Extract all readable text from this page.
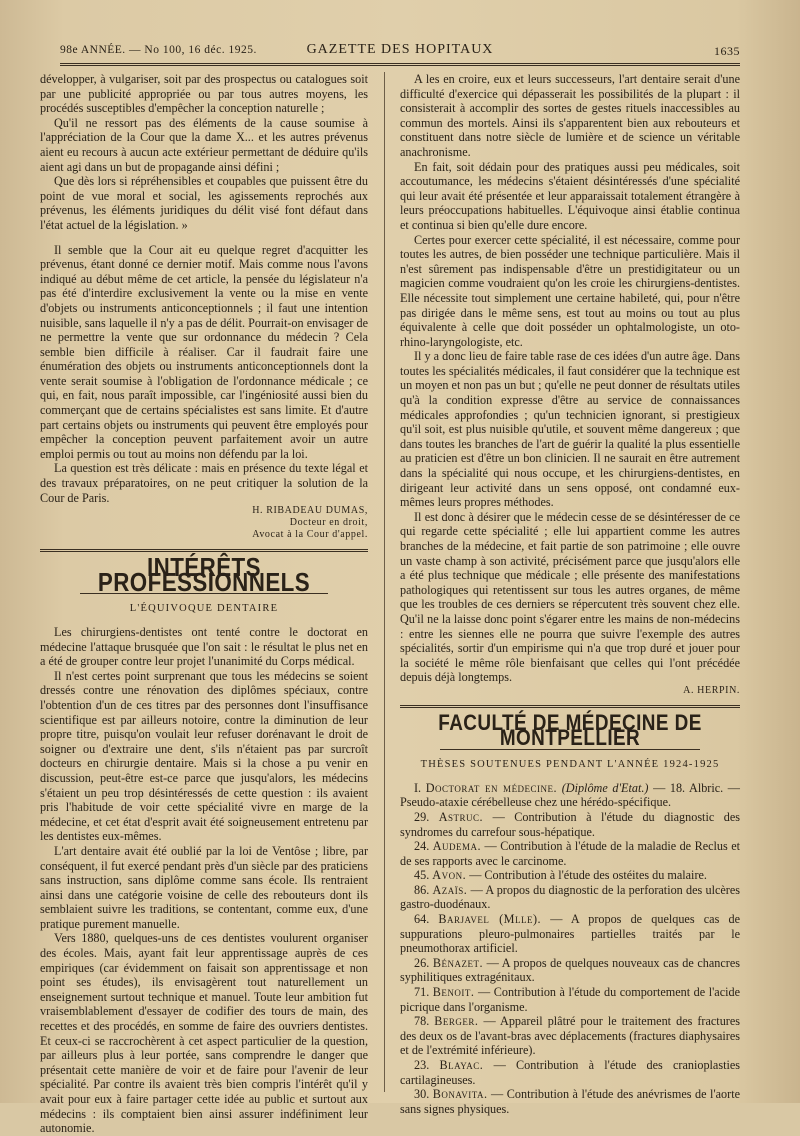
98e ANNÉE. — No 100, 16 déc. 1925.	GAZETTE DES HOPITAUX	1635

développer, à vulgariser, soit par des prospectus ou catalogues soit par une publicité appropriée ou par tous autres moyens, les procédés susceptibles d'empêcher la conception naturelle ;

Qu'il ne ressort pas des éléments de la cause soumise à l'appréciation de la Cour que la dame X... et les autres prévenus aient eu recours à aucun acte extérieur permettant de déduire qu'ils aient agi dans un but de propagande ainsi défini ;

Que dès lors si répréhensibles et coupables que puissent être du point de vue moral et social, les agissements reprochés aux prévenus, les éléments juridiques du délit visé font défaut dans l'état actuel de la législation. »

Il semble que la Cour ait eu quelque regret d'acquitter les prévenus, étant donné ce dernier motif. Mais comme nous l'avons indiqué au début même de cet article, la pensée du législateur n'a pas été d'interdire exclusivement la vente ou la mise en vente d'objets ou instruments anticonceptionnels ; il faut une intention nuisible, sans laquelle il n'y a pas de délit. Pourrait-on envisager de ne permettre la vente que sur ordonnance du médecin ? Cela semble bien difficile à réaliser. Car il faudrait faire une énumération des objets ou instruments anticonceptionnels dont la vente serait soumise à l'obligation de l'ordonnance médicale ; ce qui, en fait, nous paraît impossible, car l'ingéniosité aussi bien du commerçant que de certains spécialistes est sans limite. Et d'autre part certains objets ou instruments qui peuvent être employés pour empêcher la conception peuvent parfaitement avoir un autre emploi permis ou tout au moins non défendu par la loi.

La question est très délicate : mais en présence du texte légal et des travaux préparatoires, on ne peut critiquer la solution de la Cour de Paris.

H. RIBADEAU DUMAS,
Docteur en droit,
Avocat à la Cour d'appel.
INTÉRÊTS PROFESSIONNELS
L'ÉQUIVOQUE DENTAIRE

Les chirurgiens-dentistes ont tenté contre le doctorat en médecine l'attaque brusquée que l'on sait : le résultat le plus net en a été de grouper contre leur projet l'unanimité du Corps médical.

Il n'est certes point surprenant que tous les médecins se soient dressés contre une rénovation des diplômes spéciaux, contre l'obtention d'un de ces titres par des personnes dont l'insuffisance scientifique est par ailleurs notoire, contre la diminution de leur propre titre, puisqu'on voulait leur refuser dorénavant le droit de soigner ou d'extraire une dent, s'ils n'étaient pas par surcroît docteurs en chirurgie dentaire. Mais si la chose a pu venir en discussion, peut-être est-ce parce que jusqu'alors, les médecins s'étaient un peu trop désintéressés de cette question : ils avaient pris l'habitude de voir cette spécialité vivre en marge de la médecine, et cet état d'esprit avait été soigneusement entretenu par les dentistes eux-mêmes.

L'art dentaire avait été oublié par la loi de Ventôse ; libre, par conséquent, il fut exercé pendant près d'un siècle par des praticiens sans instruction, sans diplôme comme sans école. Ils rentraient ainsi dans une catégorie voisine de celle des rebouteurs dont ils semblaient suivre les traditions, se contentant, comme eux, d'une pratique purement manuelle.

Vers 1880, quelques-uns de ces dentistes voulurent organiser des écoles. Mais, ayant fait leur apprentissage auprès de ces empiriques (car évidemment on faisait son apprentissage et non point ses études), ils envisagèrent tout naturellement un enseignement surtout technique et manuel. Toute leur ambition fut vraisemblablement d'essayer de codifier des tours de main, des recettes et des procédés, en somme de faire des ouvriers dentistes. Et ceux-ci se raccrochèrent à cet aspect particulier de la question, par ailleurs plus à leur portée, sans comprendre le danger que présentait cette manière de voir et de faire pour l'avenir de leur spécialité. Par contre ils avaient très bien compris l'intérêt qu'il y avait pour eux à faire partager cette idée au public et surtout aux médecins : ils comptaient bien ainsi assurer indéfiniment leur autonomie.

A les en croire, eux et leurs successeurs, l'art dentaire serait d'une difficulté d'exercice qui dépasserait les possibilités de la plupart : il consisterait à accomplir des sortes de gestes rituels inaccessibles au commun des mortels. Ainsi ils s'apparentent bien aux rebouteurs et constituent dans notre siècle de lumière et de science un véritable anachronisme.

En fait, soit dédain pour des pratiques aussi peu médicales, soit accoutumance, les médecins s'étaient désintéressés d'une spécialité qui leur avait été présentée et leur apparaissait totalement étrangère à leurs préoccupations habituelles. L'équivoque ainsi établie continua et continua si bien qu'elle dure encore.

Certes pour exercer cette spécialité, il est nécessaire, comme pour toutes les autres, de bien posséder une technique particulière. Mais il n'est sûrement pas indispensable d'être un prestidigitateur ou un magicien comme voudraient qu'on les croie les chirurgiens-dentistes. Elle nécessite tout simplement une certaine habileté, qui, pour n'être pas dirigée dans le même sens, est tout au moins ou tout au plus équivalente à celle que doit posséder un ophtalmologiste, un oto-rhino-laryngologiste, etc.

Il y a donc lieu de faire table rase de ces idées d'un autre âge. Dans toutes les spécialités médicales, il faut considérer que la technique est un moyen et non pas un but ; qu'elle ne peut donner de résultats utiles qu'à la condition expresse d'être au service de connaissances médicales approfondies ; qu'un technicien ignorant, si prestigieux qu'il soit, est plus nuisible qu'utile, et souvent même dangereux ; que dans toutes les branches de l'art de guérir la qualité la plus essentielle au praticien est d'être un bon clinicien. Il ne saurait en être autrement dans la spécialité qui nous occupe, et les chirurgiens-dentistes, en dirigeant leur activité dans un sens opposé, ont condamné eux-mêmes leurs propres méthodes.

Il est donc à désirer que le médecin cesse de se désintéresser de ce qui regarde cette spécialité ; elle lui appartient comme les autres branches de la médecine, et fait partie de son patrimoine ; elle ouvre un vaste champ à son activité, précisément parce que jusqu'alors elle a été plus technique que médicale ; elle présente des manifestations pathologiques qui retentissent sur tous les autres organes, de même que les troubles de ces derniers se répercutent très souvent chez elle. Qu'il ne la laisse donc point s'égarer entre les mains de non-médecins : entre les siennes elle ne pourra que suivre l'exemple des autres spécialités, sortir d'un empirisme qui n'a que trop duré et jouer pour la société le même rôle bienfaisant que celles qui l'ont précédée depuis déjà longtemps.

A. HERPIN.
FACULTÉ DE MÉDECINE DE MONTPELLIER
THÈSES SOUTENUES PENDANT L'ANNÉE 1924-1925

I. Doctorat en médecine. (Diplôme d'Etat.) — 18. Albric. — Pseudo-ataxie cérébelleuse chez une hérédo-spécifique.

29. Astruc. — Contribution à l'étude du diagnostic des syndromes du carrefour sous-hépatique.

24. Audema. — Contribution à l'étude de la maladie de Reclus et de ses rapports avec le carcinome.

45. Avon. — Contribution à l'étude des ostéites du malaire.

86. Azaïs. — A propos du diagnostic de la perforation des ulcères gastro-duodénaux.

64. Barjavel (Mlle). — A propos de quelques cas de suppurations pleuro-pulmonaires partielles traités par le pneumothorax artificiel.

26. Bénazet. — A propos de quelques nouveaux cas de chancres syphilitiques extragénitaux.

71. Benoit. — Contribution à l'étude du comportement de l'acide picrique dans l'organisme.

78. Berger. — Appareil plâtré pour le traitement des fractures des deux os de l'avant-bras avec déplacements (fractures diaphysaires et de l'extrémité inférieure).

23. Blayac. — Contribution à l'étude des cranioplasties cartilagineuses.

30. Bonavita. — Contribution à l'étude des anévrismes de l'aorte sans signes physiques.
